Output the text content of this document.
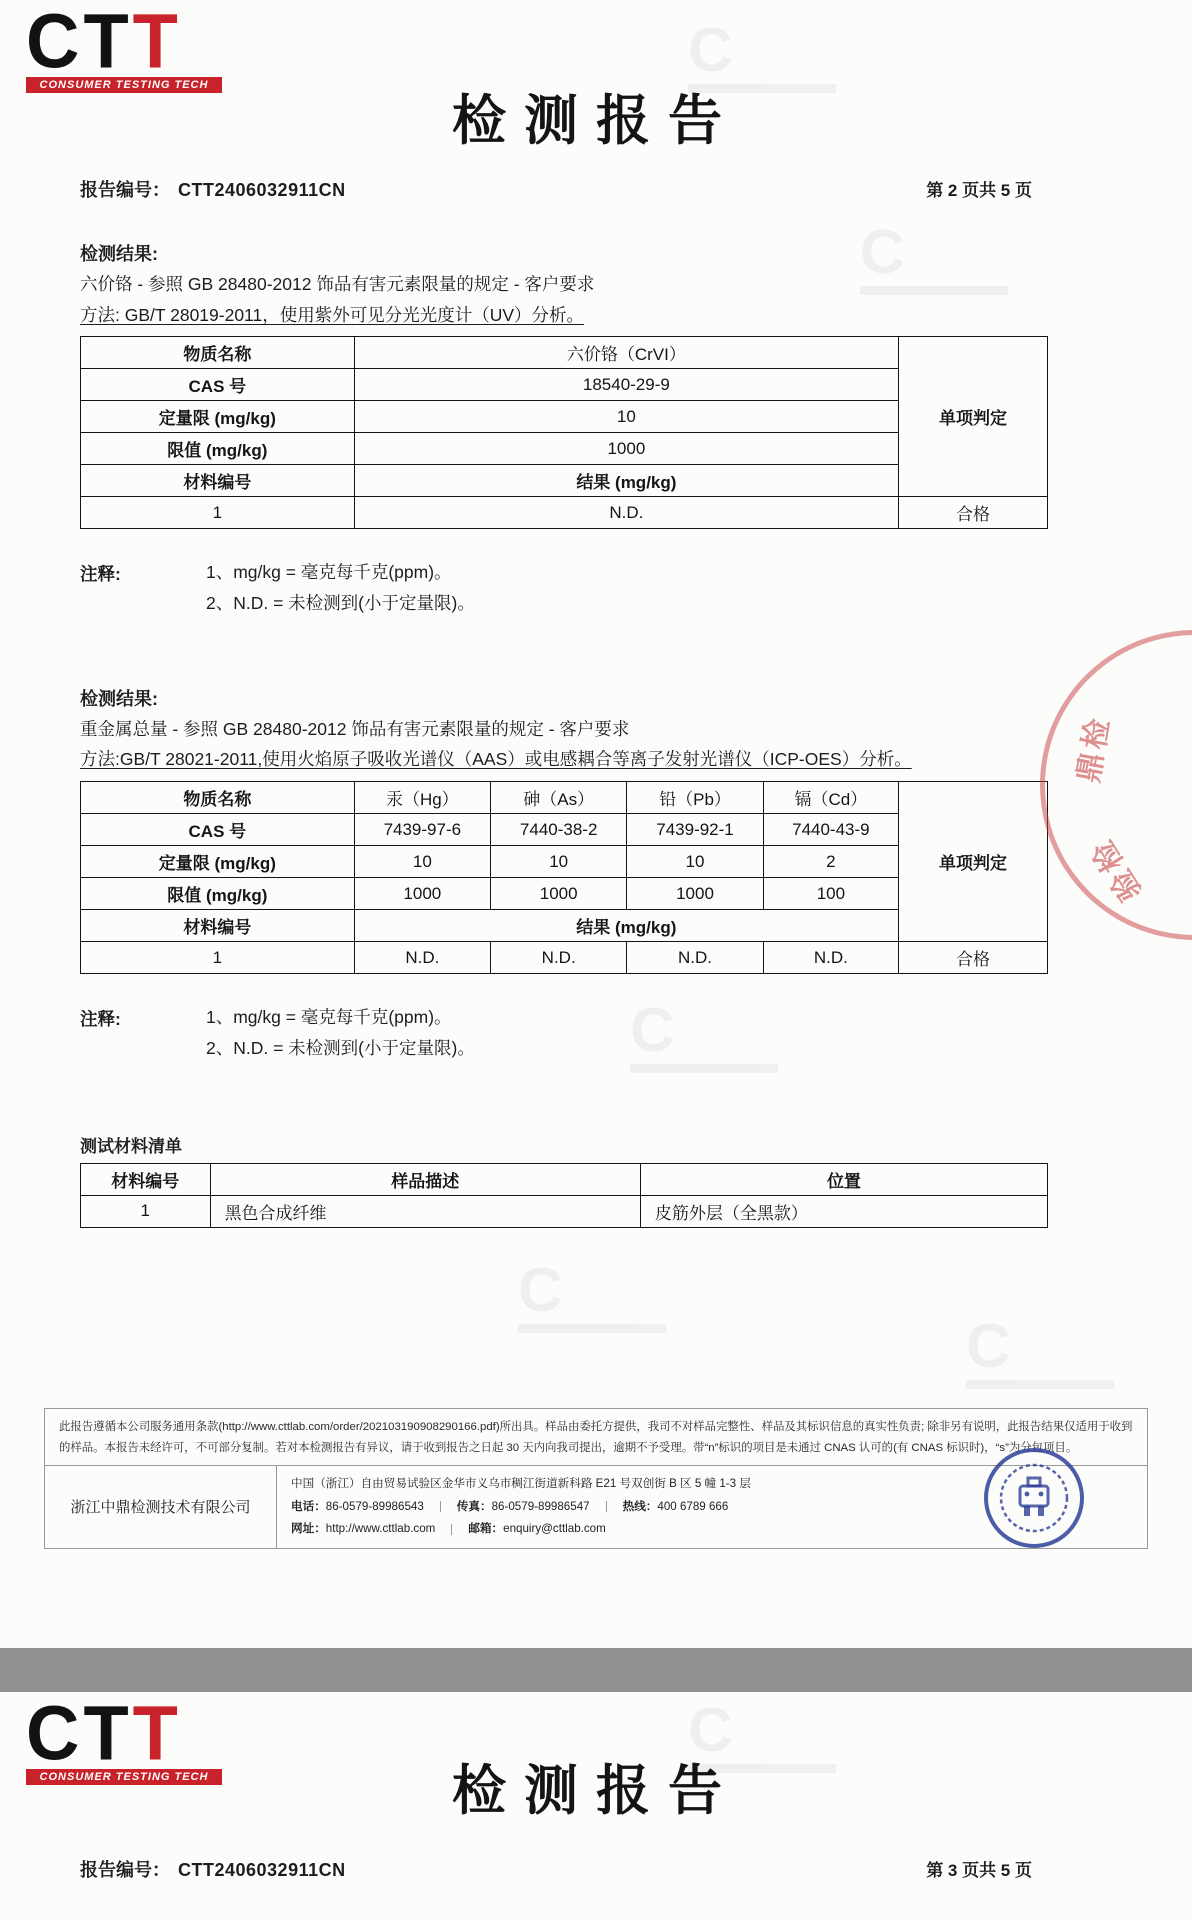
C
C
C
C
C
CTT
CONSUMER TESTING TECH
检测报告
报告编号： CTT2406032911CN	第 2 页共 5 页
检测结果:
六价铬 - 参照 GB 28480-2012 饰品有害元素限量的规定 - 客户要求
方法: GB/T 28019-2011，使用紫外可见分光光度计（UV）分析。
物质名称	六价铬（CrVI）	单项判定
CAS 号	18540-29-9	
定量限 (mg/kg)	10	
限值 (mg/kg)	1000	
材料编号	结果 (mg/kg)	
1	N.D.	合格
注释:	1、mg/kg = 毫克每千克(ppm)。
2、N.D. = 未检测到(小于定量限)。
检测结果:
重金属总量 - 参照 GB 28480-2012 饰品有害元素限量的规定 - 客户要求
方法:GB/T 28021-2011,使用火焰原子吸收光谱仪（AAS）或电感耦合等离子发射光谱仪（ICP-OES）分析。
物质名称	汞（Hg）	砷（As）	铅（Pb）	镉（Cd）	单项判定
CAS 号	7439-97-6	7440-38-2	7439-92-1	7440-43-9	
定量限 (mg/kg)	10	10	10	2	
限值 (mg/kg)	1000	1000	1000	100	
材料编号	结果 (mg/kg)				
1	N.D.	N.D.	N.D.	N.D.	合格
注释:	1、mg/kg = 毫克每千克(ppm)。
2、N.D. = 未检测到(小于定量限)。
测试材料清单
材料编号	样品描述	位置
1	黑色合成纤维	皮筋外层（全黑款）
鼎检
验检
此报告遵循本公司服务通用条款(http://www.cttlab.com/order/202103190908290166.pdf)所出具。样品由委托方提供，我司不对样品完整性、样品及其标识信息的真实性负责; 除非另有说明，此报告结果仅适用于收到的样品。本报告未经许可，不可部分复制。若对本检测报告有异议，请于收到报告之日起 30 天内向我司提出，逾期不予受理。带“n”标识的项目是未通过 CNAS 认可的(有 CNAS 标识时)，“s”为分包项目。
浙江中鼎检测技术有限公司
中国（浙江）自由贸易试验区金华市义乌市稠江街道新科路 E21 号双创街 B 区 5 幢 1-3 层
电话：86-0579-89986543	传真：86-0579-89986547	热线：400 6789 666
网址：http://www.cttlab.com	邮箱：enquiry@cttlab.com
C
CTT
CONSUMER TESTING TECH	检测报告
报告编号： CTT2406032911CN	第 3 页共 5 页
